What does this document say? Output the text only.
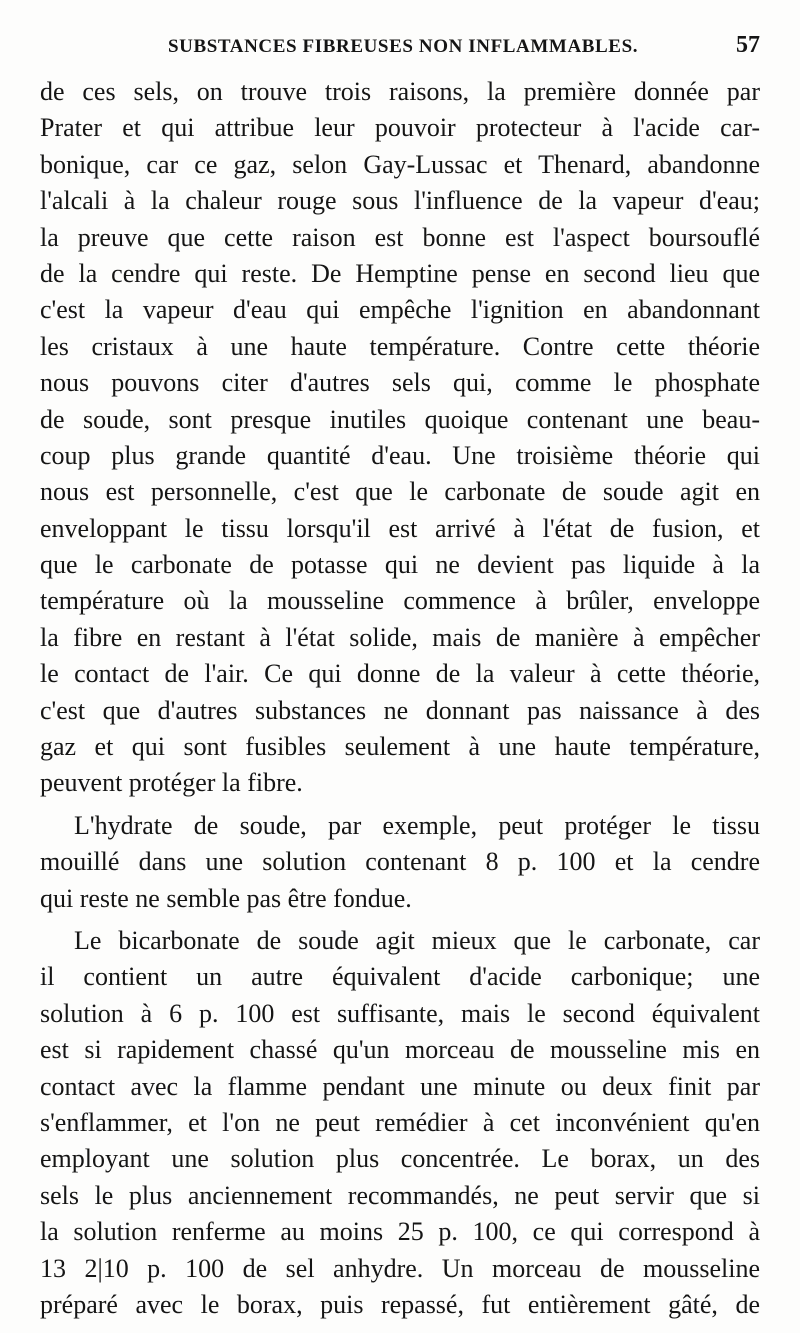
SUBSTANCES FIBREUSES NON INFLAMMABLES.	57
de ces sels, on trouve trois raisons, la première donnée par
Prater et qui attribue leur pouvoir protecteur à l'acide car-
bonique, car ce gaz, selon Gay-Lussac et Thenard, abandonne
l'alcali à la chaleur rouge sous l'influence de la vapeur d'eau;
la preuve que cette raison est bonne est l'aspect boursouflé
de la cendre qui reste. De Hemptine pense en second lieu que
c'est la vapeur d'eau qui empêche l'ignition en abandonnant
les cristaux à une haute température. Contre cette théorie
nous pouvons citer d'autres sels qui, comme le phosphate
de soude, sont presque inutiles quoique contenant une beau-
coup plus grande quantité d'eau. Une troisième théorie qui
nous est personnelle, c'est que le carbonate de soude agit en
enveloppant le tissu lorsqu'il est arrivé à l'état de fusion, et
que le carbonate de potasse qui ne devient pas liquide à la
température où la mousseline commence à brûler, enveloppe
la fibre en restant à l'état solide, mais de manière à empêcher
le contact de l'air. Ce qui donne de la valeur à cette théorie,
c'est que d'autres substances ne donnant pas naissance à des
gaz et qui sont fusibles seulement à une haute température,
peuvent protéger la fibre.
L'hydrate de soude, par exemple, peut protéger le tissu
mouillé dans une solution contenant 8 p. 100 et la cendre
qui reste ne semble pas être fondue.
Le bicarbonate de soude agit mieux que le carbonate, car
il contient un autre équivalent d'acide carbonique; une
solution à 6 p. 100 est suffisante, mais le second équivalent
est si rapidement chassé qu'un morceau de mousseline mis en
contact avec la flamme pendant une minute ou deux finit par
s'enflammer, et l'on ne peut remédier à cet inconvénient qu'en
employant une solution plus concentrée. Le borax, un des
sels le plus anciennement recommandés, ne peut servir que si
la solution renferme au moins 25 p. 100, ce qui correspond à
13 2|10 p. 100 de sel anhydre. Un morceau de mousseline
préparé avec le borax, puis repassé, fut entièrement gâté, de
